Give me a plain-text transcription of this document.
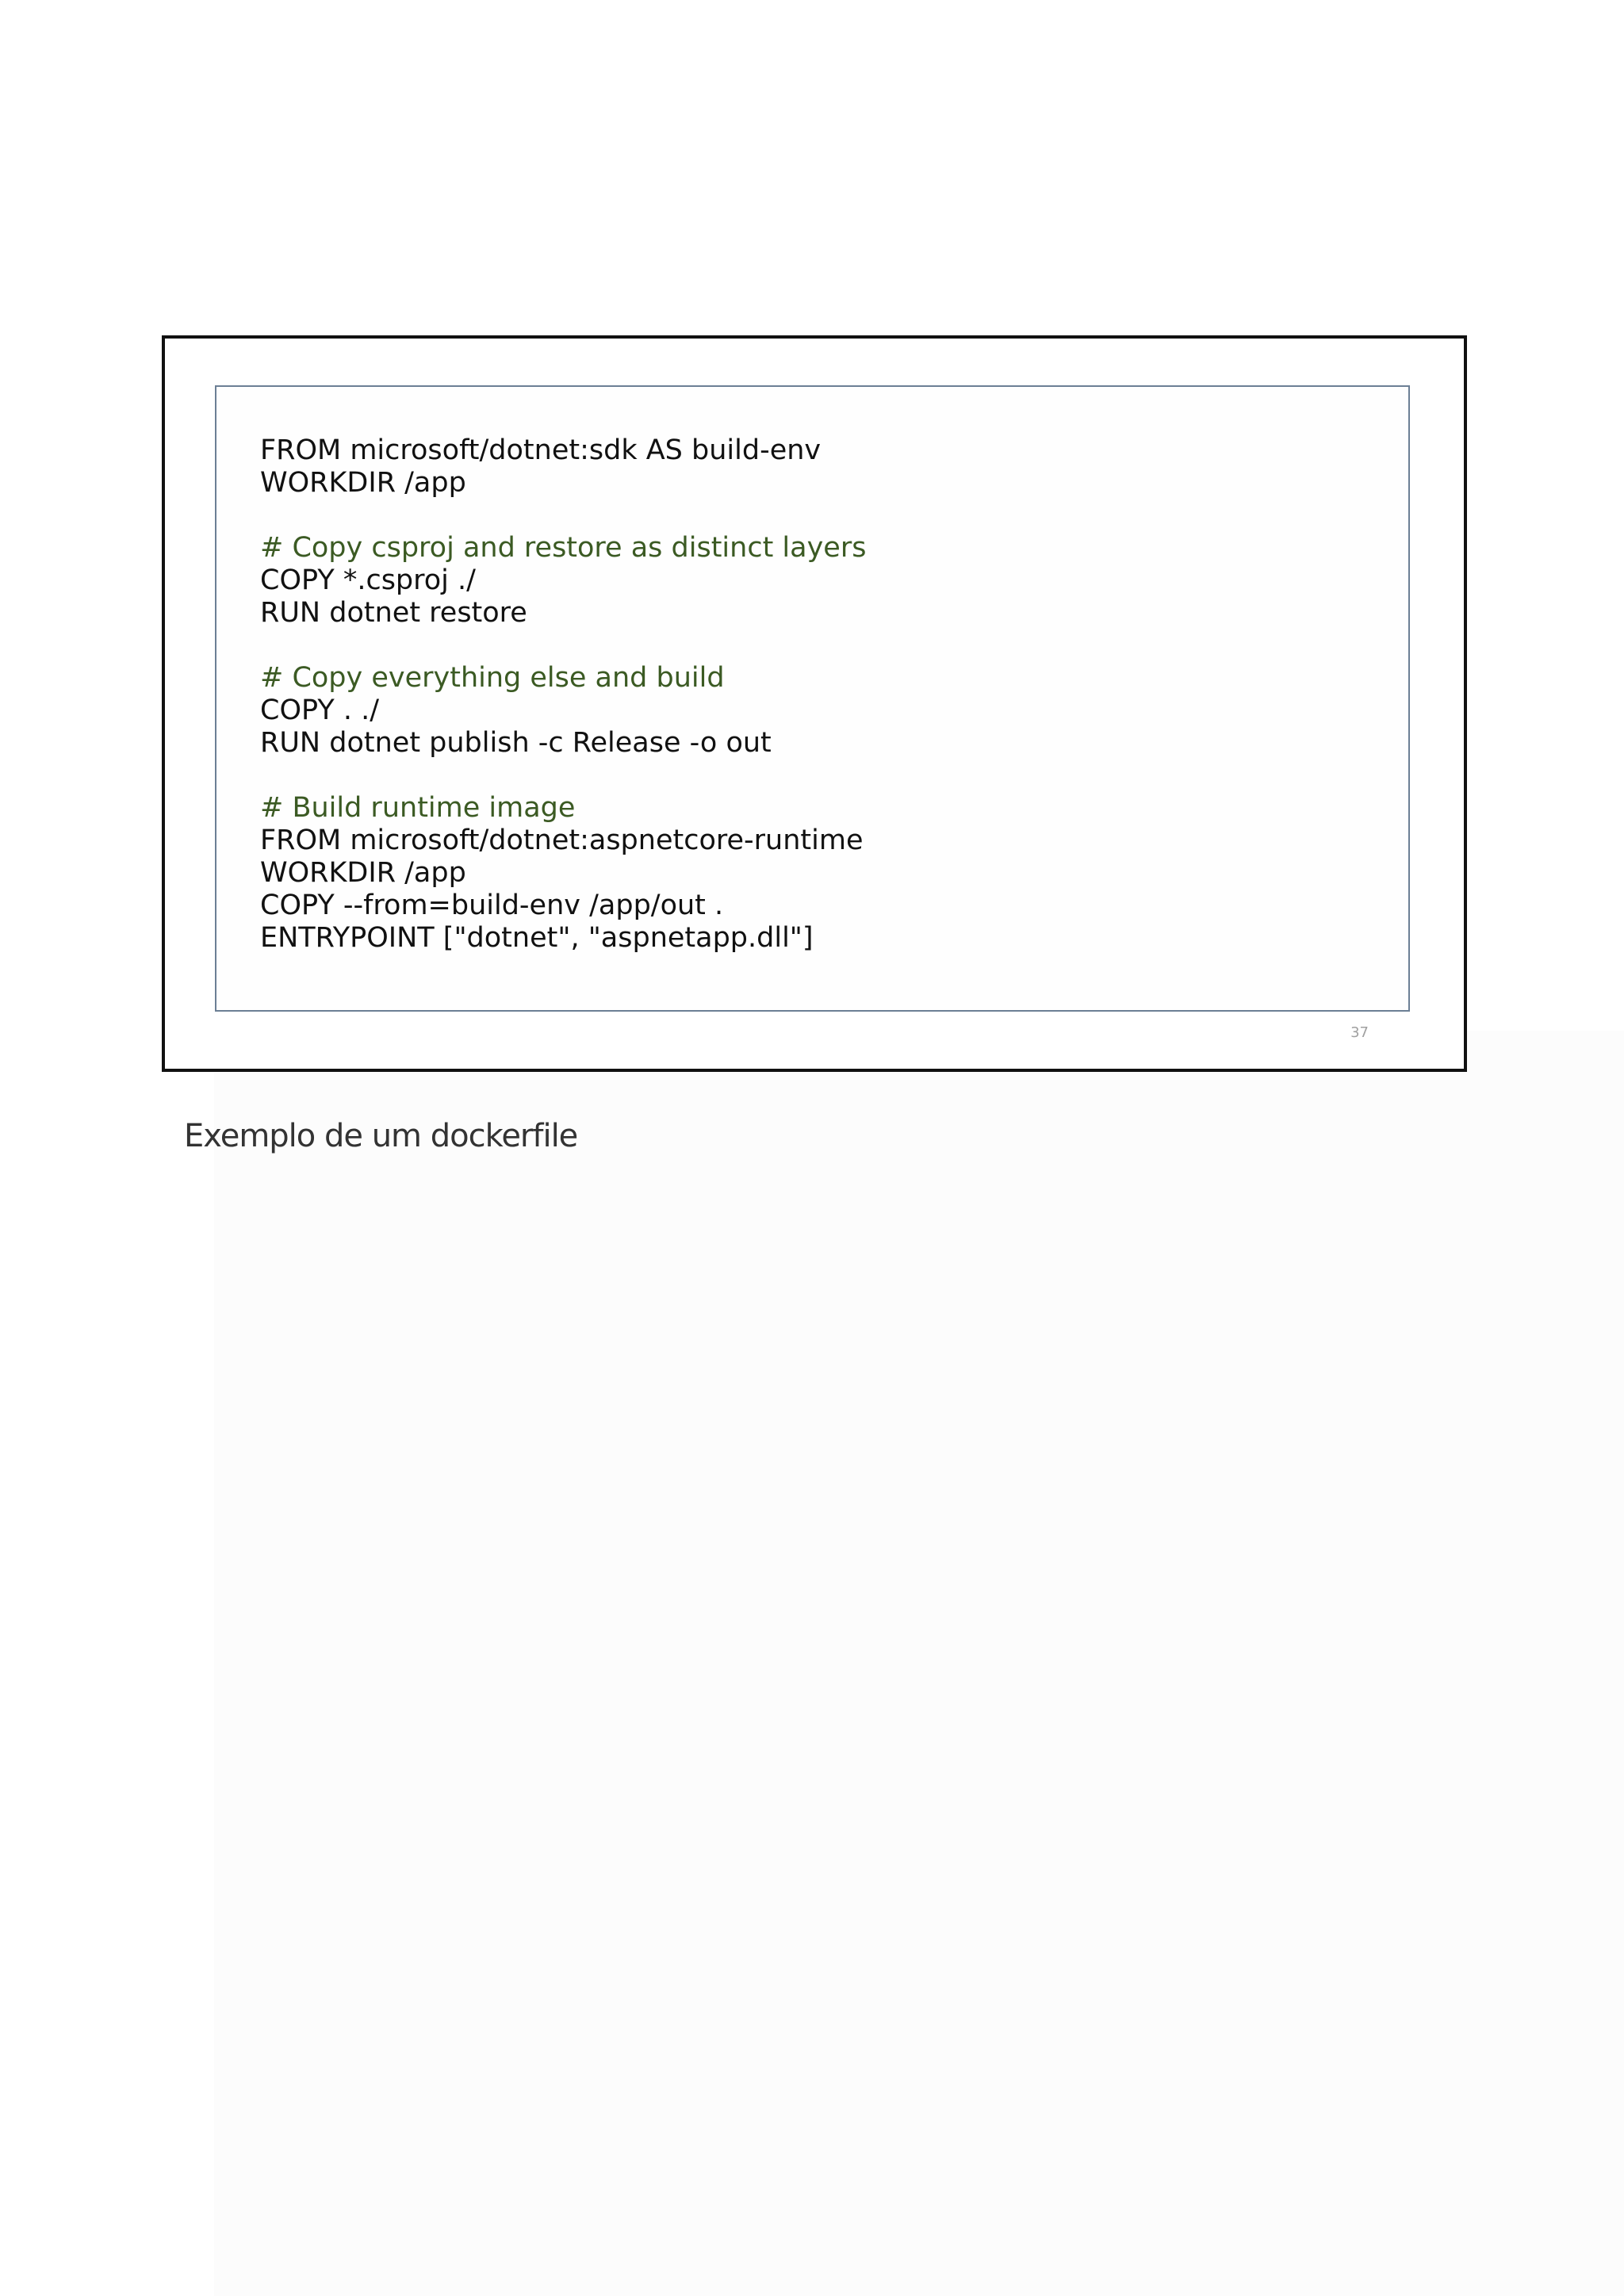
FROM microsoft/dotnet:sdk AS build-env
WORKDIR /app
# Copy csproj and restore as distinct layers
COPY *.csproj ./
RUN dotnet restore
# Copy everything else and build
COPY . ./
RUN dotnet publish -c Release -o out
# Build runtime image
FROM microsoft/dotnet:aspnetcore-runtime
WORKDIR /app
COPY --from=build-env /app/out .
ENTRYPOINT ["dotnet", "aspnetapp.dll"]
37

Exemplo de um dockerfile
